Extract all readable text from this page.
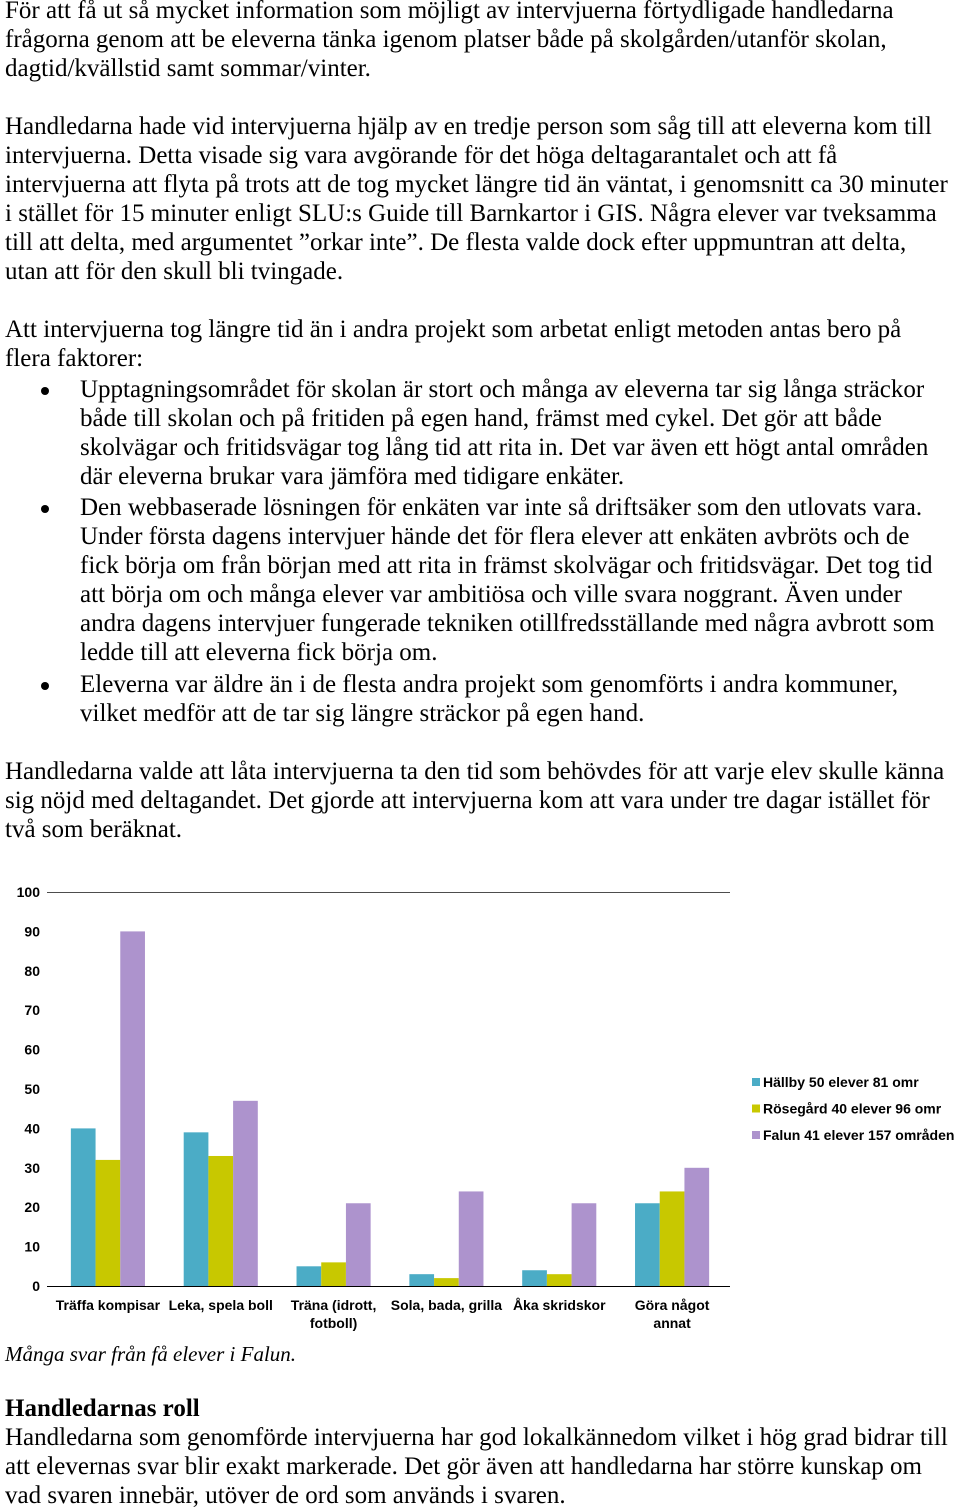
För att få ut så mycket information som möjligt av intervjuerna förtydligade handledarna
frågorna genom att be eleverna tänka igenom platser både på skolgården/utanför skolan,
dagtid/kvällstid samt sommar/vinter.
Handledarna hade vid intervjuerna hjälp av en tredje person som såg till att eleverna kom till
intervjuerna. Detta visade sig vara avgörande för det höga deltagarantalet och att få
intervjuerna att flyta på trots att de tog mycket längre tid än väntat, i genomsnitt ca 30 minuter
i stället för 15 minuter enligt SLU:s Guide till Barnkartor i GIS. Några elever var tveksamma
till att delta, med argumentet ”orkar inte”. De flesta valde dock efter uppmuntran att delta,
utan att för den skull bli tvingade.
Att intervjuerna tog längre tid än i andra projekt som arbetat enligt metoden antas bero på
flera faktorer:
Upptagningsområdet för skolan är stort och många av eleverna tar sig långa sträckor
både till skolan och på fritiden på egen hand, främst med cykel. Det gör att både
skolvägar och fritidsvägar tog lång tid att rita in. Det var även ett högt antal områden
där eleverna brukar vara jämföra med tidigare enkäter.
Den webbaserade lösningen för enkäten var inte så driftsäker som den utlovats vara.
Under första dagens intervjuer hände det för flera elever att enkäten avbröts och de
fick börja om från början med att rita in främst skolvägar och fritidsvägar. Det tog tid
att börja om och många elever var ambitiösa och ville svara noggrant. Även under
andra dagens intervjuer fungerade tekniken otillfredsställande med några avbrott som
ledde till att eleverna fick börja om.
Eleverna var äldre än i de flesta andra projekt som genomförts i andra kommuner,
vilket medför att de tar sig längre sträckor på egen hand.
Handledarna valde att låta intervjuerna ta den tid som behövdes för att varje elev skulle känna
sig nöjd med deltagandet. Det gjorde att intervjuerna kom att vara under tre dagar istället för
två som beräknat.
0
10
20
30
40
50
60
70
80
90
100
Träffa kompisar Leka, spela boll Träna (idrott, fotboll)
Sola, bada, grilla Åka skridskor Göra något annat
Hällby 50 elever 81 omr
Rösegård 40 elever 96 omr
Falun 41 elever 157 områden
Många svar från få elever i Falun.
Handledarnas roll
Handledarna som genomförde intervjuerna har god lokalkännedom vilket i hög grad bidrar till
att elevernas svar blir exakt markerade. Det gör även att handledarna har större kunskap om
vad svaren innebär, utöver de ord som används i svaren.
